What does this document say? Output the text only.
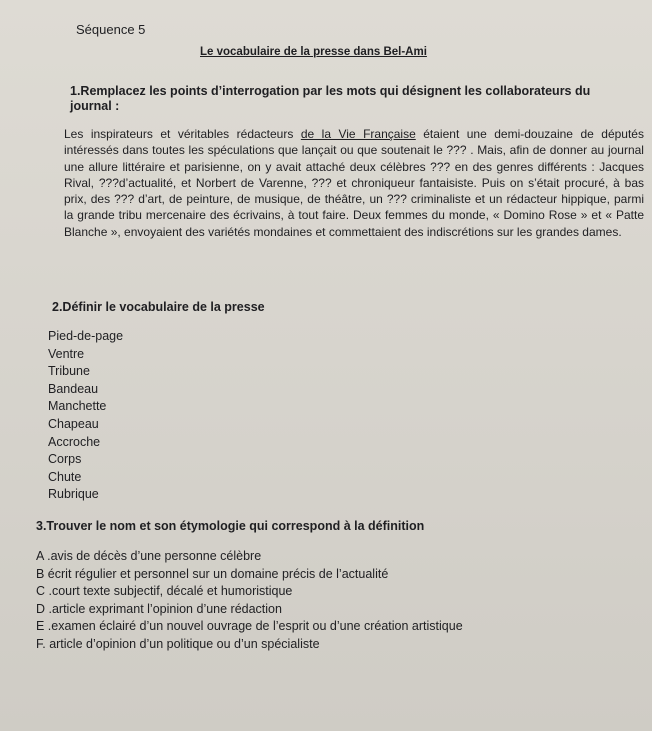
Séquence 5
Le vocabulaire de la presse dans Bel-Ami
1.Remplacez les points d’interrogation par les mots qui désignent les collaborateurs du journal :
Les inspirateurs et véritables rédacteurs de la Vie Française étaient une demi-douzaine de députés intéressés dans toutes les spéculations que lançait ou que soutenait le ??? . Mais, afin de donner au journal une allure littéraire et parisienne, on y avait attaché deux célèbres ??? en des genres différents : Jacques Rival, ???d’actualité, et Norbert de Varenne, ??? et chroniqueur fantaisiste. Puis on s’était procuré, à bas prix, des ??? d’art, de peinture, de musique, de théâtre, un ??? criminaliste et un rédacteur hippique, parmi la grande tribu mercenaire des écrivains, à tout faire. Deux femmes du monde, « Domino Rose » et « Patte Blanche », envoyaient des variétés mondaines et commettaient des indiscrétions sur les grandes dames.
2.Définir le vocabulaire de la presse
Pied-de-page
Ventre
Tribune
Bandeau
Manchette
Chapeau
Accroche
Corps
Chute
Rubrique
3.Trouver le nom et son étymologie qui correspond à la définition
A .avis de décès d’une personne célèbre
B écrit régulier et personnel sur un domaine précis de l’actualité
C .court texte subjectif, décalé et humoristique
D .article exprimant l’opinion d’une rédaction
E .examen éclairé d’un nouvel ouvrage de l’esprit ou d’une création artistique
F. article d’opinion d’un politique ou d’un spécialiste
